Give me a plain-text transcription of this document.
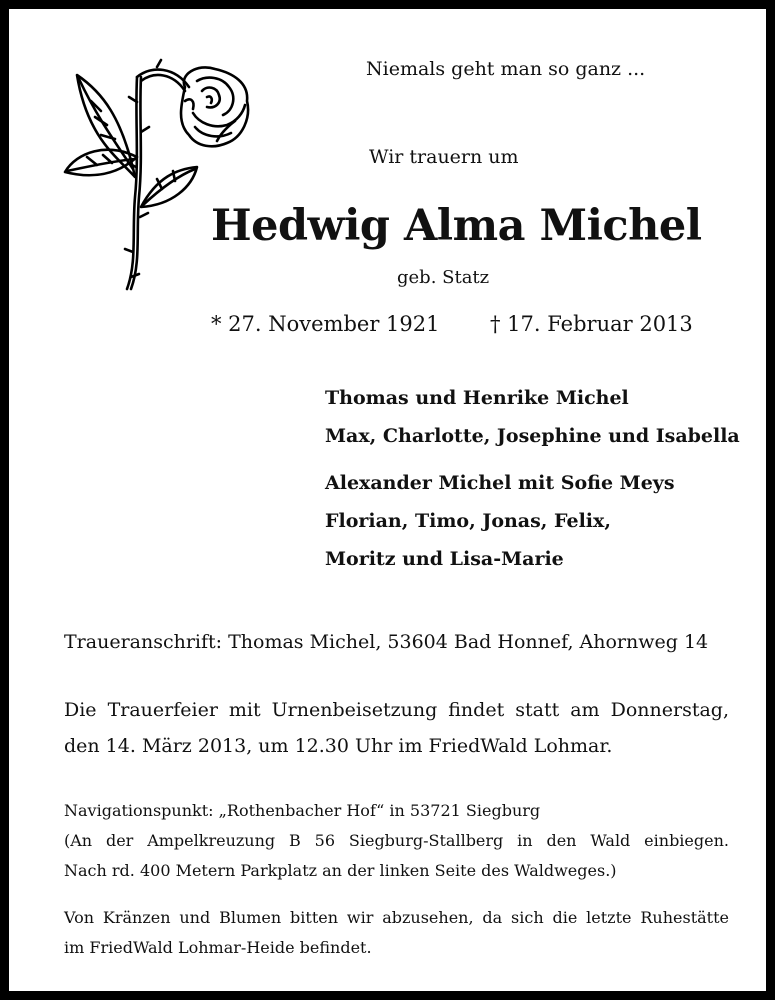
Niemals geht man so ganz ...
Wir trauern um
Hedwig Alma Michel
geb. Statz
* 27. November 1921 † 17. Februar 2013
Thomas und Henrike Michel
Max, Charlotte, Josephine und Isabella
Alexander Michel mit Sofie Meys
Florian, Timo, Jonas, Felix,
Moritz und Lisa-Marie
Traueranschrift: Thomas Michel, 53604 Bad Honnef, Ahornweg 14
Die Trauerfeier mit Urnenbeisetzung findet statt am Donnerstag,
den 14. März 2013, um 12.30 Uhr im FriedWald Lohmar.
Navigationspunkt: „Rothenbacher Hof“ in 53721 Siegburg
(An der Ampelkreuzung B 56 Siegburg-Stallberg in den Wald einbiegen.
Nach rd. 400 Metern Parkplatz an der linken Seite des Waldweges.)
Von Kränzen und Blumen bitten wir abzusehen, da sich die letzte Ruhestätte
im FriedWald Lohmar-Heide befindet.
